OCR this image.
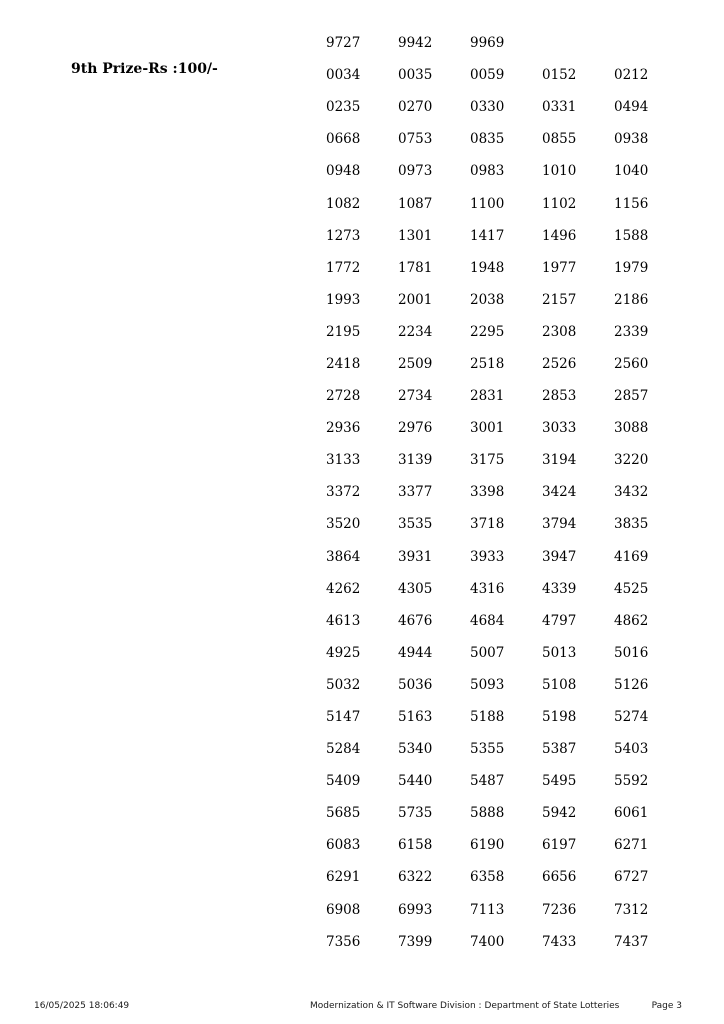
9th Prize-Rs :100/-
9727	9942	9969
0034	0035	0059	0152	0212
0235	0270	0330	0331	0494
0668	0753	0835	0855	0938
0948	0973	0983	1010	1040
1082	1087	1100	1102	1156
1273	1301	1417	1496	1588
1772	1781	1948	1977	1979
1993	2001	2038	2157	2186
2195	2234	2295	2308	2339
2418	2509	2518	2526	2560
2728	2734	2831	2853	2857
2936	2976	3001	3033	3088
3133	3139	3175	3194	3220
3372	3377	3398	3424	3432
3520	3535	3718	3794	3835
3864	3931	3933	3947	4169
4262	4305	4316	4339	4525
4613	4676	4684	4797	4862
4925	4944	5007	5013	5016
5032	5036	5093	5108	5126
5147	5163	5188	5198	5274
5284	5340	5355	5387	5403
5409	5440	5487	5495	5592
5685	5735	5888	5942	6061
6083	6158	6190	6197	6271
6291	6322	6358	6656	6727
6908	6993	7113	7236	7312
7356	7399	7400	7433	7437
16/05/2025 18:06:49	Modernization & IT Software Division : Department of State Lotteries	Page 3
